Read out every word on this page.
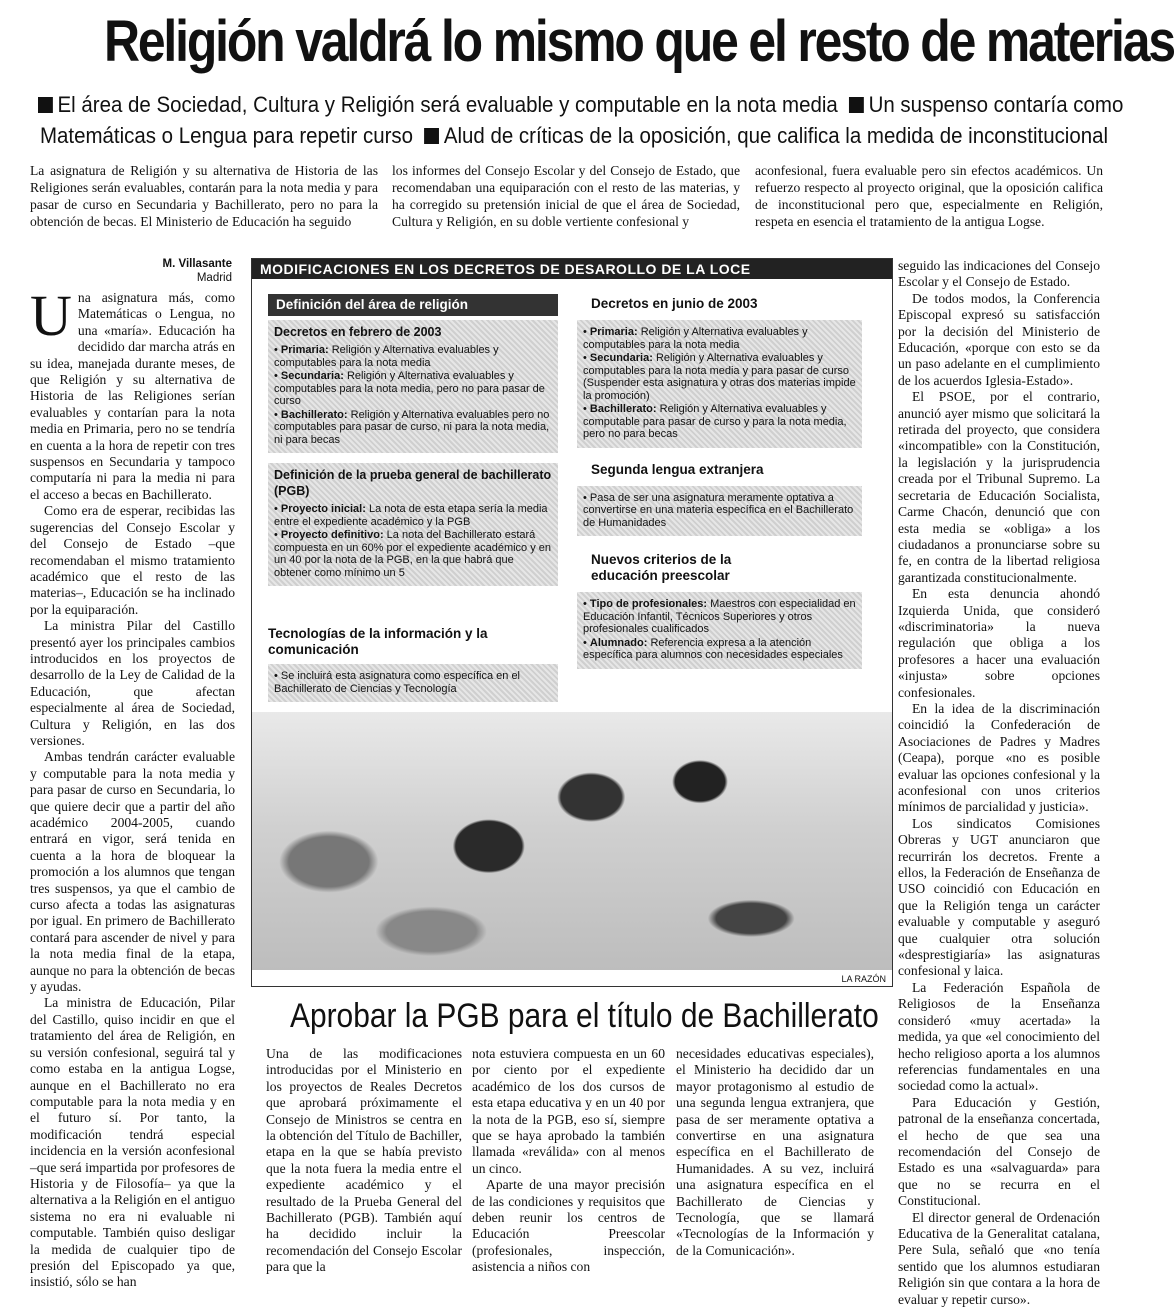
Religión valdrá lo mismo que el resto de materias
El área de Sociedad, Cultura y Religión será evaluable y computable en la nota media Un suspenso contaría como
Matemáticas o Lengua para repetir curso Alud de críticas de la oposición, que califica la medida de inconstitucional
La asignatura de Religión y su alternativa de Historia de las Religiones serán evaluables, contarán para la nota media y para pasar de curso en Secundaria y Bachillerato, pero no para la obtención de becas. El Ministerio de Educación ha seguido
los informes del Consejo Escolar y del Consejo de Estado, que recomendaban una equiparación con el resto de las materias, y ha corregido su pretensión inicial de que el área de Sociedad, Cultura y Religión, en su doble vertiente confesional y
aconfesional, fuera evaluable pero sin efectos académicos. Un refuerzo respecto al proyecto original, que la oposición califica de inconstitucional pero que, especialmente en Religión, respeta en esencia el tratamiento de la antigua Logse.
M. Villasante
Madrid

Una asignatura más, como Matemáticas o Lengua, no una «maría». Educación ha decidido dar marcha atrás en su idea, manejada durante meses, de que Religión y su alternativa de Historia de las Religiones serían evaluables y contarían para la nota media en Primaria, pero no se tendría en cuenta a la hora de repetir con tres suspensos en Secundaria y tampoco computaría ni para la media ni para el acceso a becas en Bachillerato.

Como era de esperar, recibidas las sugerencias del Consejo Escolar y del Consejo de Estado –que recomendaban el mismo tratamiento académico que el resto de las materias–, Educación se ha inclinado por la equiparación.

La ministra Pilar del Castillo presentó ayer los principales cambios introducidos en los proyectos de desarrollo de la Ley de Calidad de la Educación, que afectan especialmente al área de Sociedad, Cultura y Religión, en las dos versiones.

Ambas tendrán carácter evaluable y computable para la nota media y para pasar de curso en Secundaria, lo que quiere decir que a partir del año académico 2004-2005, cuando entrará en vigor, será tenida en cuenta a la hora de bloquear la promoción a los alumnos que tengan tres suspensos, ya que el cambio de curso afecta a todas las asignaturas por igual. En primero de Bachillerato contará para ascender de nivel y para la nota media final de la etapa, aunque no para la obtención de becas y ayudas.

La ministra de Educación, Pilar del Castillo, quiso incidir en que el tratamiento del área de Religión, en su versión confesional, seguirá tal y como estaba en la antigua Logse, aunque en el Bachillerato no era computable para la nota media y en el futuro sí. Por tanto, la modificación tendrá especial incidencia en la versión aconfesional –que será impartida por profesores de Historia y de Filosofía– ya que la alternativa a la Religión en el antiguo sistema no era ni evaluable ni computable. También quiso desligar la medida de cualquier tipo de presión del Episcopado ya que, insistió, sólo se han

MODIFICACIONES EN LOS DECRETOS DE DESAROLLO DE LA LOCE
Definición del área de religión
Decretos en febrero de 2003
• Primaria: Religión y Alternativa evaluables y computables para la nota media
• Secundaria: Religión y Alternativa evaluables y computables para la nota media, pero no para pasar de curso
• Bachillerato: Religión y Alternativa evaluables pero no computables para pasar de curso, ni para la nota media, ni para becas
Definición de la prueba general de bachillerato (PGB)
• Proyecto inicial: La nota de esta etapa sería la media entre el expediente académico y la PGB
• Proyecto definitivo: La nota del Bachillerato estará compuesta en un 60% por el expediente académico y en un 40 por la nota de la PGB, en la que habrá que obtener como mínimo un 5
Tecnologías de la información y la comunicación
• Se incluirá esta asignatura como específica en el Bachillerato de Ciencias y Tecnología
Decretos en junio de 2003
• Primaria: Religión y Alternativa evaluables y computables para la nota media
• Secundaria: Religión y Alternativa evaluables y computables para la nota media y para pasar de curso (Suspender esta asignatura y otras dos materias impide la promoción)
• Bachillerato: Religión y Alternativa evaluables y computable para pasar de curso y para la nota media, pero no para becas
Segunda lengua extranjera
• Pasa de ser una asignatura meramente optativa a convertirse en una materia específica en el Bachillerato de Humanidades
Nuevos criterios de la educación preescolar
• Tipo de profesionales: Maestros con especialidad en Educación Infantil, Técnicos Superiores y otros profesionales cualificados
• Alumnado: Referencia expresa a la atención específica para alumnos con necesidades especiales
LA RAZÓN
Aprobar la PGB para el título de Bachillerato

Una de las modificaciones introducidas por el Ministerio en los proyectos de Reales Decretos que aprobará próximamente el Consejo de Ministros se centra en la obtención del Título de Bachiller, etapa en la que se había previsto que la nota fuera la media entre el expediente académico y el resultado de la Prueba General del Bachillerato (PGB). También aquí ha decidido incluir la recomendación del Consejo Escolar para que la

nota estuviera compuesta en un 60 por ciento por el expediente académico de los dos cursos de esta etapa educativa y en un 40 por la nota de la PGB, eso sí, siempre que se haya aprobado la también llamada «reválida» con al menos un cinco.

Aparte de una mayor precisión de las condiciones y requisitos que deben reunir los centros de Educación Preescolar (profesionales, inspección, asistencia a niños con

necesidades educativas especiales), el Ministerio ha decidido dar un mayor protagonismo al estudio de una segunda lengua extranjera, que pasa de ser meramente optativa a convertirse en una asignatura específica en el Bachillerato de Humanidades. A su vez, incluirá una asignatura específica en el Bachillerato de Ciencias y Tecnología, que se llamará «Tecnologías de la Información y de la Comunicación».

seguido las indicaciones del Consejo Escolar y el Consejo de Estado.

De todos modos, la Conferencia Episcopal expresó su satisfacción por la decisión del Ministerio de Educación, «porque con esto se da un paso adelante en el cumplimiento de los acuerdos Iglesia-Estado».

El PSOE, por el contrario, anunció ayer mismo que solicitará la retirada del proyecto, que considera «incompatible» con la Constitución, la legislación y la jurisprudencia creada por el Tribunal Supremo. La secretaria de Educación Socialista, Carme Chacón, denunció que con esta media se «obliga» a los ciudadanos a pronunciarse sobre su fe, en contra de la libertad religiosa garantizada constitucionalmente.

En esta denuncia ahondó Izquierda Unida, que consideró «discriminatoria» la nueva regulación que obliga a los profesores a hacer una evaluación «injusta» sobre opciones confesionales.

En la idea de la discriminación coincidió la Confederación de Asociaciones de Padres y Madres (Ceapa), porque «no es posible evaluar las opciones confesional y la aconfesional con unos criterios mínimos de parcialidad y justicia».

Los sindicatos Comisiones Obreras y UGT anunciaron que recurrirán los decretos. Frente a ellos, la Federación de Enseñanza de USO coincidió con Educación en que la Religión tenga un carácter evaluable y computable y aseguró que cualquier otra solución «desprestigiaría» las asignaturas confesional y laica.

La Federación Española de Religiosos de la Enseñanza consideró «muy acertada» la medida, ya que «el conocimiento del hecho religioso aporta a los alumnos referencias fundamentales en una sociedad como la actual».

Para Educación y Gestión, patronal de la enseñanza concertada, el hecho de que sea una recomendación del Consejo de Estado es una «salvaguarda» para que no se recurra en el Constitucional.

El director general de Ordenación Educativa de la Generalitat catalana, Pere Sula, señaló que «no tenía sentido que los alumnos estudiaran Religión sin que contara a la hora de evaluar y repetir curso».
